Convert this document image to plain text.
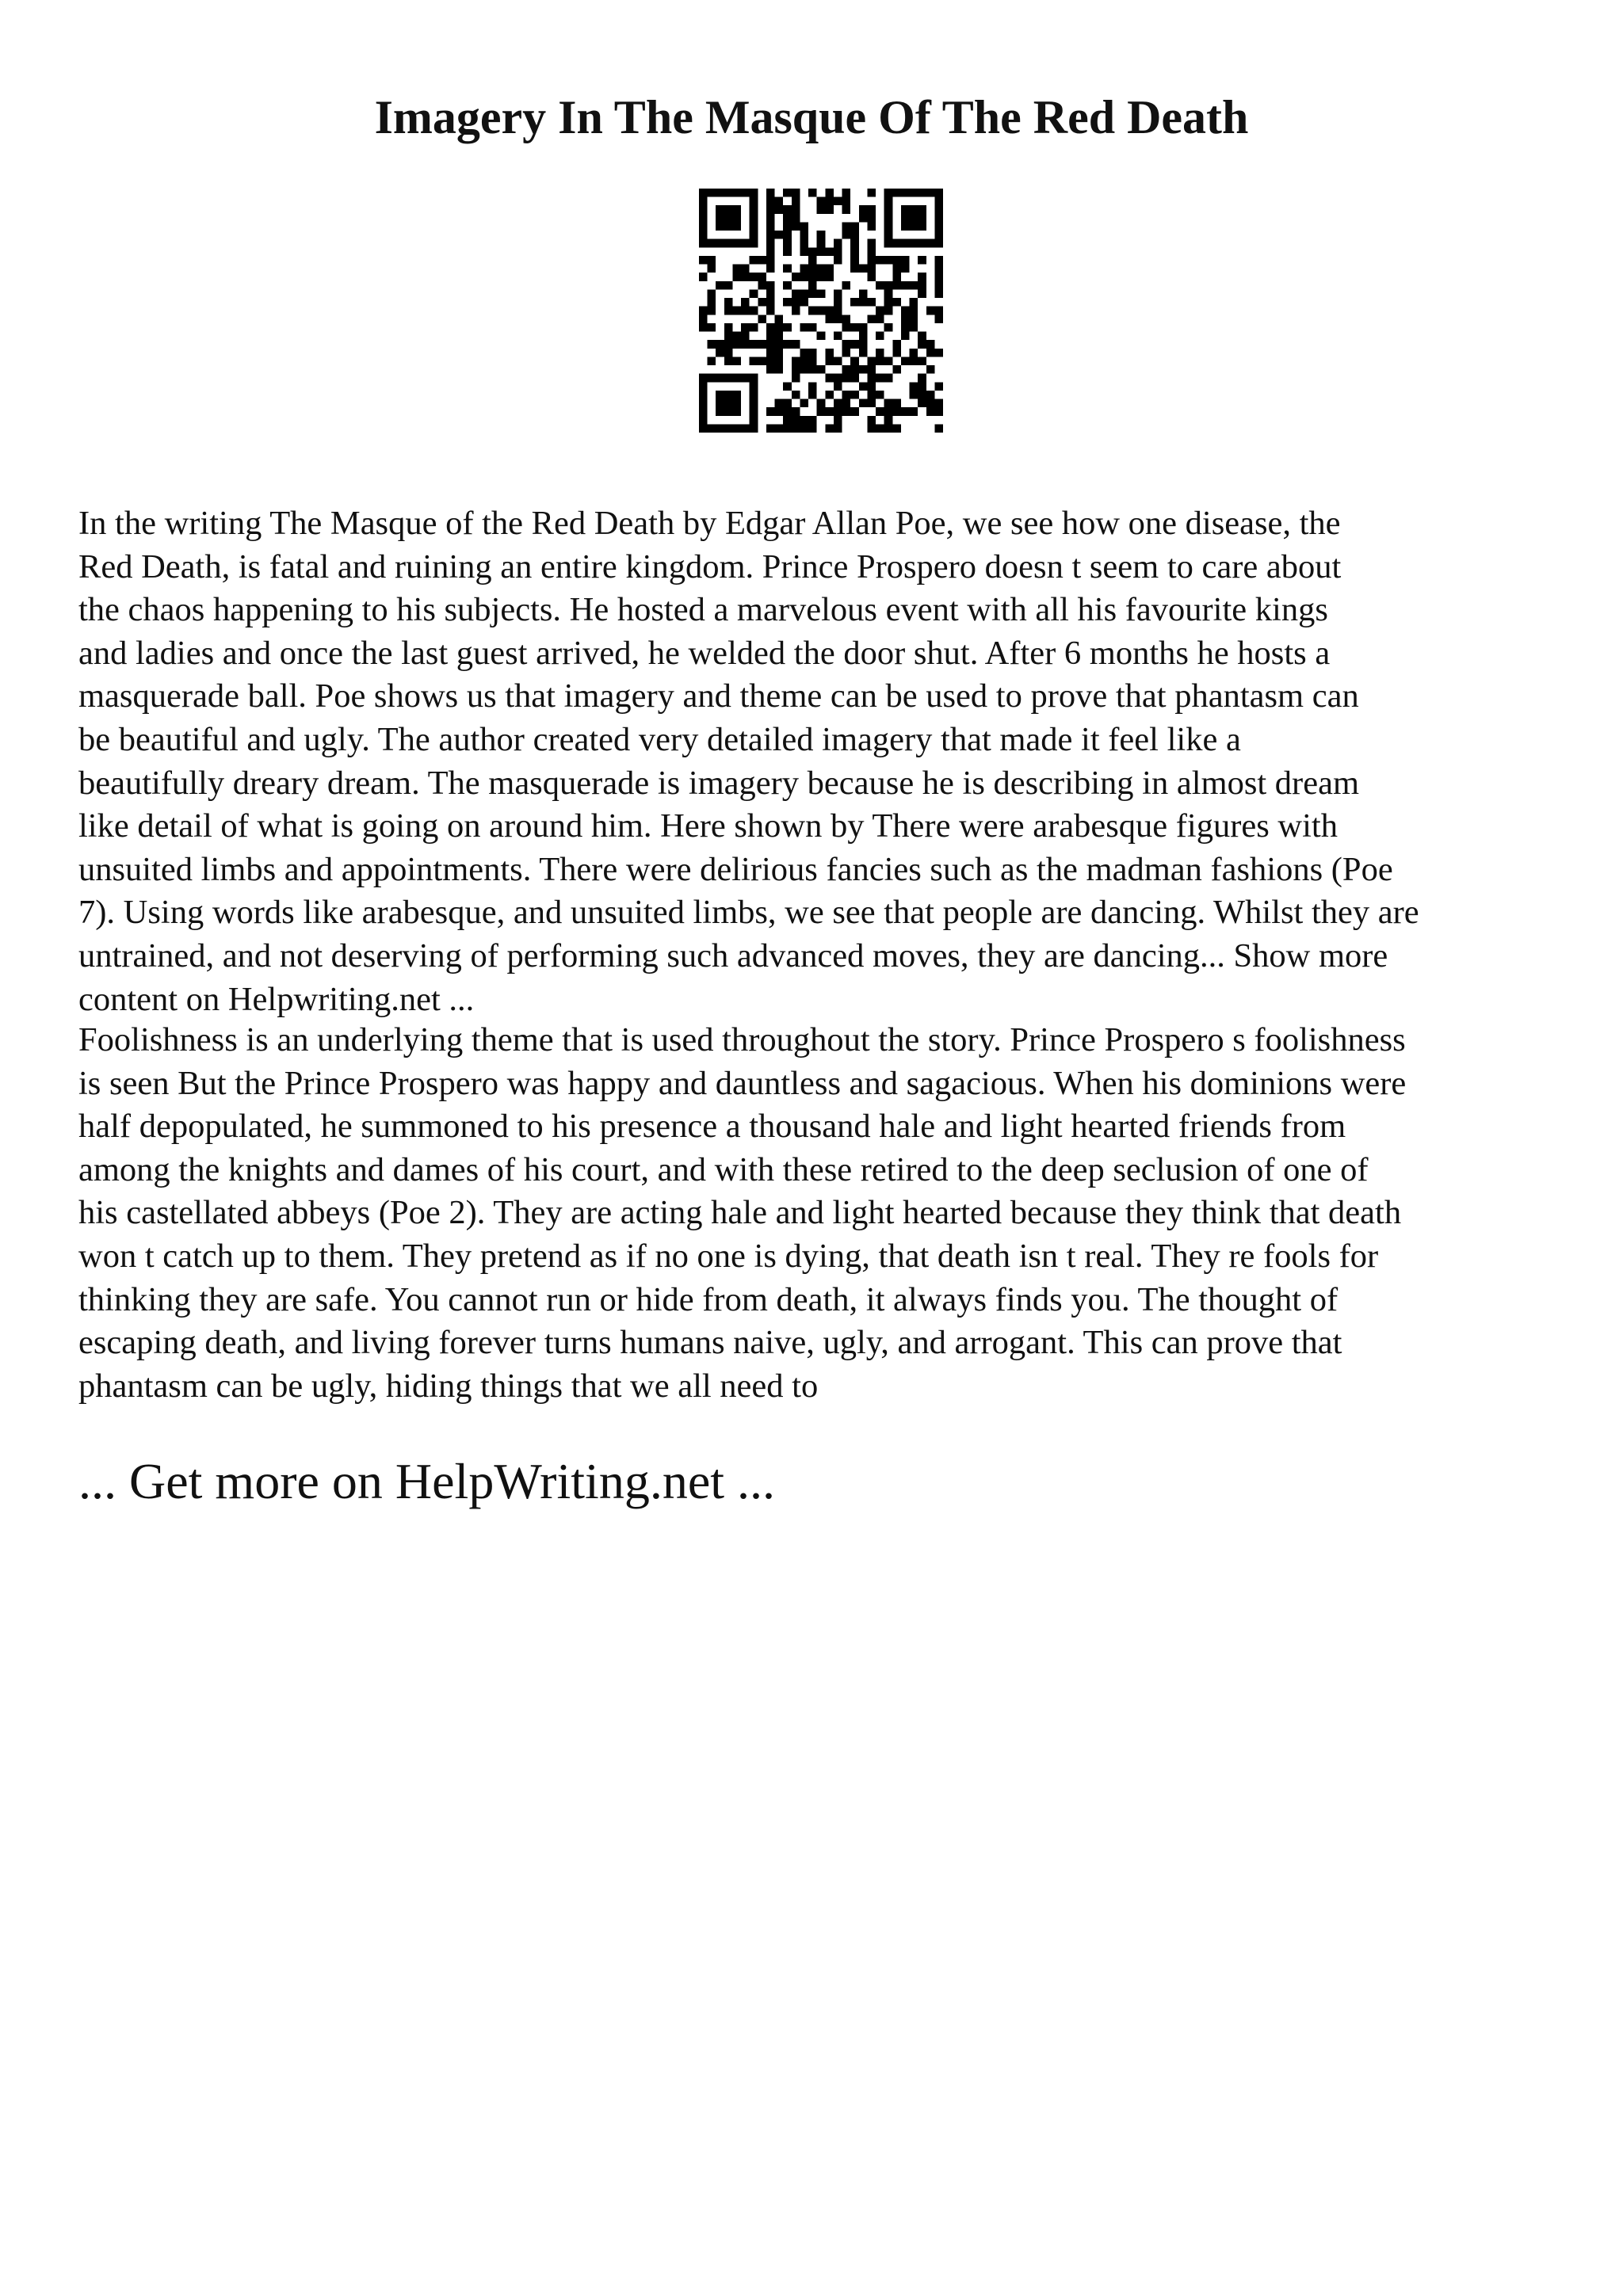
Imagery In The Masque Of The Red Death

In the writing The Masque of the Red Death by Edgar Allan Poe, we see how one disease, the
Red Death, is fatal and ruining an entire kingdom. Prince Prospero doesn t seem to care about
the chaos happening to his subjects. He hosted a marvelous event with all his favourite kings
and ladies and once the last guest arrived, he welded the door shut. After 6 months he hosts a
masquerade ball. Poe shows us that imagery and theme can be used to prove that phantasm can
be beautiful and ugly. The author created very detailed imagery that made it feel like a
beautifully dreary dream. The masquerade is imagery because he is describing in almost dream
like detail of what is going on around him. Here shown by There were arabesque figures with
unsuited limbs and appointments. There were delirious fancies such as the madman fashions (Poe
7). Using words like arabesque, and unsuited limbs, we see that people are dancing. Whilst they are
untrained, and not deserving of performing such advanced moves, they are dancing... Show more
content on Helpwriting.net ...

Foolishness is an underlying theme that is used throughout the story. Prince Prospero s foolishness
is seen But the Prince Prospero was happy and dauntless and sagacious. When his dominions were
half depopulated, he summoned to his presence a thousand hale and light hearted friends from
among the knights and dames of his court, and with these retired to the deep seclusion of one of
his castellated abbeys (Poe 2). They are acting hale and light hearted because they think that death
won t catch up to them. They pretend as if no one is dying, that death isn t real. They re fools for
thinking they are safe. You cannot run or hide from death, it always finds you. The thought of
escaping death, and living forever turns humans naive, ugly, and arrogant. This can prove that
phantasm can be ugly, hiding things that we all need to

... Get more on HelpWriting.net ...
